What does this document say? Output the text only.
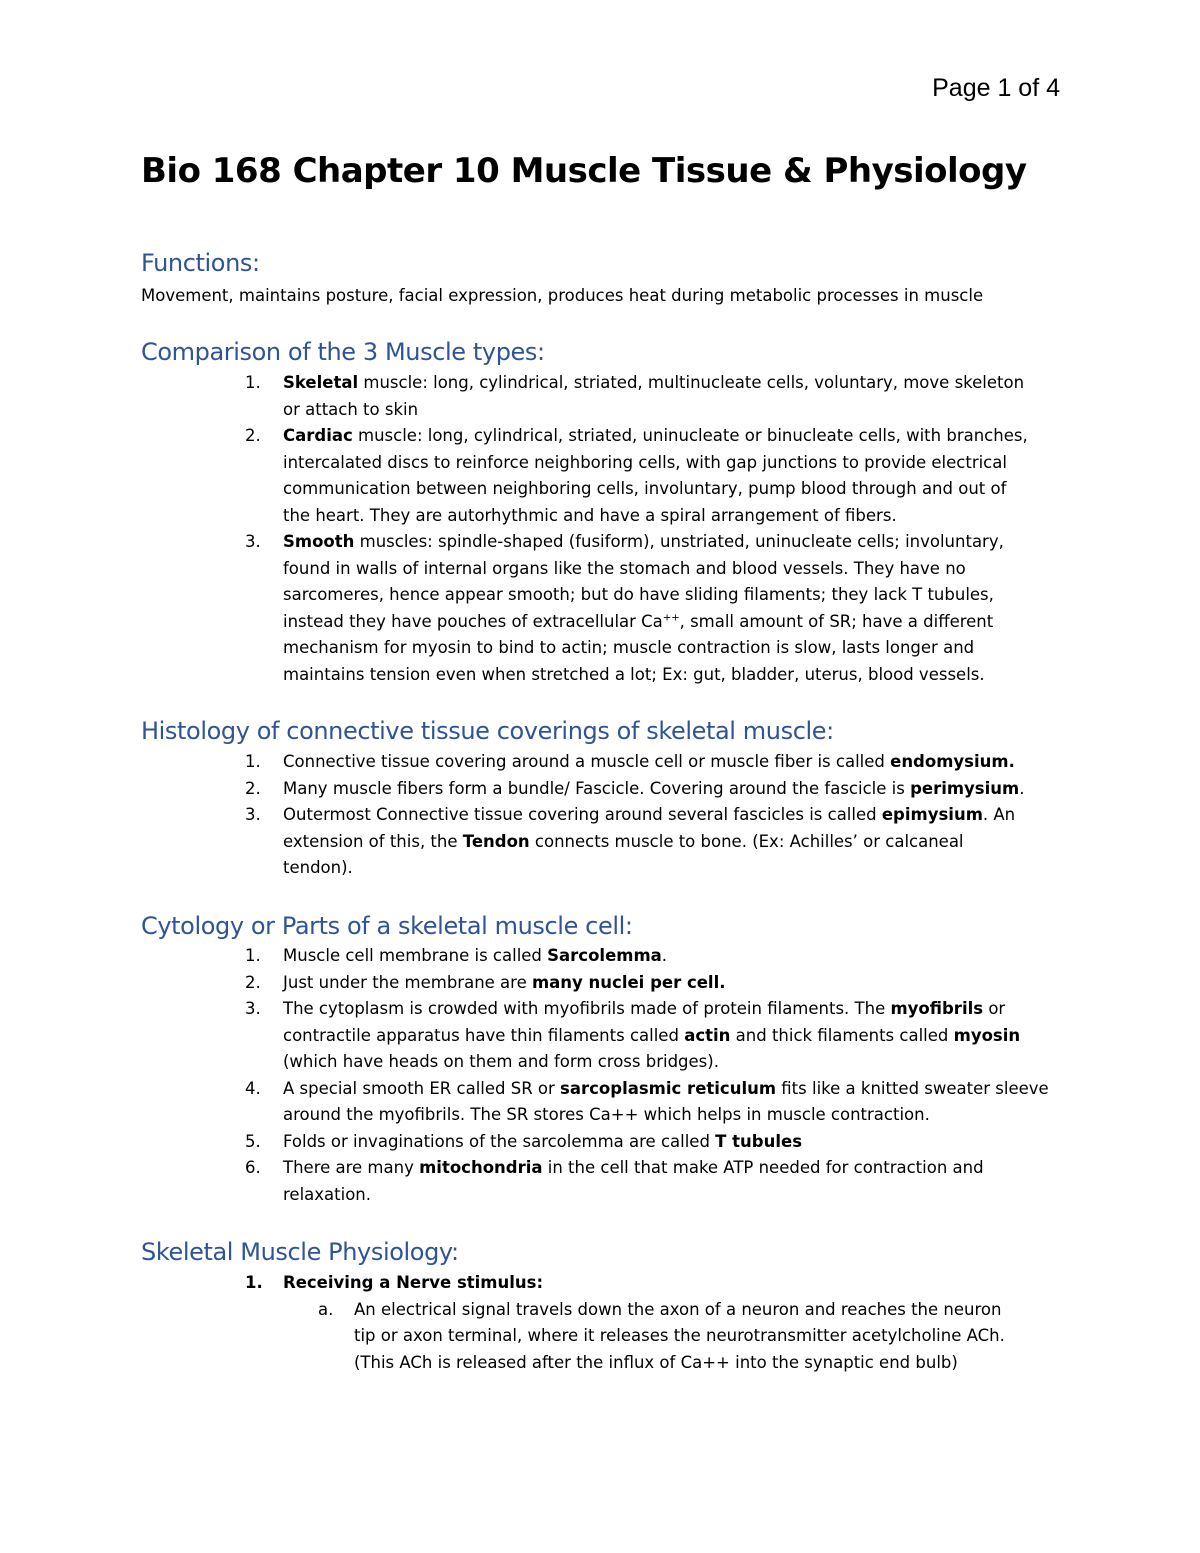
Page 1 of 4
Bio 168 Chapter 10 Muscle Tissue & Physiology
Functions:

Movement, maintains posture, facial expression, produces heat during metabolic processes in muscle

Comparison of the 3 Muscle types:
1. Skeletal muscle: long, cylindrical, striated, multinucleate cells, voluntary, move skeleton
or attach to skin
2. Cardiac muscle: long, cylindrical, striated, uninucleate or binucleate cells, with branches,
intercalated discs to reinforce neighboring cells, with gap junctions to provide electrical
communication between neighboring cells, involuntary, pump blood through and out of
the heart. They are autorhythmic and have a spiral arrangement of fibers.
3. Smooth muscles: spindle-shaped (fusiform), unstriated, uninucleate cells; involuntary,
found in walls of internal organs like the stomach and blood vessels. They have no
sarcomeres, hence appear smooth; but do have sliding filaments; they lack T tubules,
instead they have pouches of extracellular Ca++, small amount of SR; have a different
mechanism for myosin to bind to actin; muscle contraction is slow, lasts longer and
maintains tension even when stretched a lot; Ex: gut, bladder, uterus, blood vessels.
Histology of connective tissue coverings of skeletal muscle:
1. Connective tissue covering around a muscle cell or muscle fiber is called endomysium.
2. Many muscle fibers form a bundle/ Fascicle. Covering around the fascicle is perimysium.
3. Outermost Connective tissue covering around several fascicles is called epimysium. An
extension of this, the Tendon connects muscle to bone. (Ex: Achilles’ or calcaneal
tendon).
Cytology or Parts of a skeletal muscle cell:
1. Muscle cell membrane is called Sarcolemma.
2. Just under the membrane are many nuclei per cell.
3. The cytoplasm is crowded with myofibrils made of protein filaments. The myofibrils or
contractile apparatus have thin filaments called actin and thick filaments called myosin
(which have heads on them and form cross bridges).
4. A special smooth ER called SR or sarcoplasmic reticulum fits like a knitted sweater sleeve
around the myofibrils. The SR stores Ca++ which helps in muscle contraction.
5. Folds or invaginations of the sarcolemma are called T tubules
6. There are many mitochondria in the cell that make ATP needed for contraction and
relaxation.
Skeletal Muscle Physiology:
1. Receiving a Nerve stimulus:
a. An electrical signal travels down the axon of a neuron and reaches the neuron
tip or axon terminal, where it releases the neurotransmitter acetylcholine ACh.
(This ACh is released after the influx of Ca++ into the synaptic end bulb)
